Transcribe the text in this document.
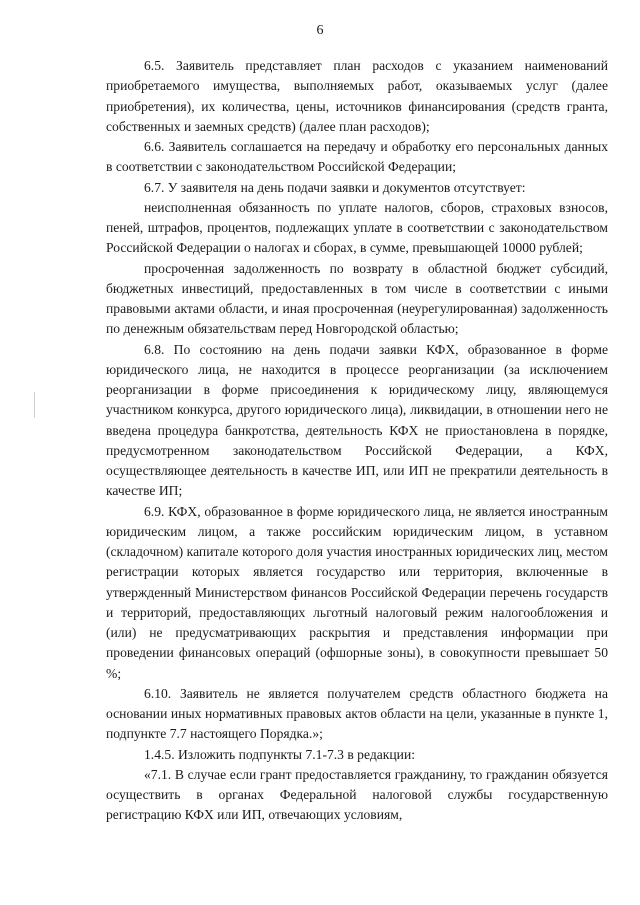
6

6.5. Заявитель представляет план расходов с указанием наименований приобретаемого имущества, выполняемых работ, оказываемых услуг (далее приобретения), их количества, цены, источников финансирования (средств гранта, собственных и заемных средств) (далее план расходов);

6.6. Заявитель соглашается на передачу и обработку его персональных данных в соответствии с законодательством Российской Федерации;

6.7. У заявителя на день подачи заявки и документов отсутствует:

неисполненная обязанность по уплате налогов, сборов, страховых взносов, пеней, штрафов, процентов, подлежащих уплате в соответствии с законодательством Российской Федерации о налогах и сборах, в сумме, превышающей 10000 рублей;

просроченная задолженность по возврату в областной бюджет субсидий, бюджетных инвестиций, предоставленных в том числе в соответствии с иными правовыми актами области, и иная просроченная (неурегулированная) задолженность по денежным обязательствам перед Новгородской областью;

6.8. По состоянию на день подачи заявки КФХ, образованное в форме юридического лица, не находится в процессе реорганизации (за исключением реорганизации в форме присоединения к юридическому лицу, являющемуся участником конкурса, другого юридического лица), ликвидации, в отношении него не введена процедура банкротства, деятельность КФХ не приостановлена в порядке, предусмотренном законодательством Российской Федерации, а КФХ, осуществляющее деятельность в качестве ИП, или ИП не прекратили деятельность в качестве ИП;

6.9. КФХ, образованное в форме юридического лица, не является иностранным юридическим лицом, а также российским юридическим лицом, в уставном (складочном) капитале которого доля участия иностранных юридических лиц, местом регистрации которых является государство или территория, включенные в утвержденный Министерством финансов Российской Федерации перечень государств и территорий, предоставляющих льготный налоговый режим налогообложения и (или) не предусматривающих раскрытия и представления информации при проведении финансовых операций (офшорные зоны), в совокупности превышает 50 %;

6.10. Заявитель не является получателем средств областного бюджета на основании иных нормативных правовых актов области на цели, указанные в пункте 1, подпункте 7.7 настоящего Порядка.»;

1.4.5. Изложить подпункты 7.1-7.3 в редакции:

«7.1. В случае если грант предоставляется гражданину, то гражданин обязуется осуществить в органах Федеральной налоговой службы государственную регистрацию КФХ или ИП, отвечающих условиям,
